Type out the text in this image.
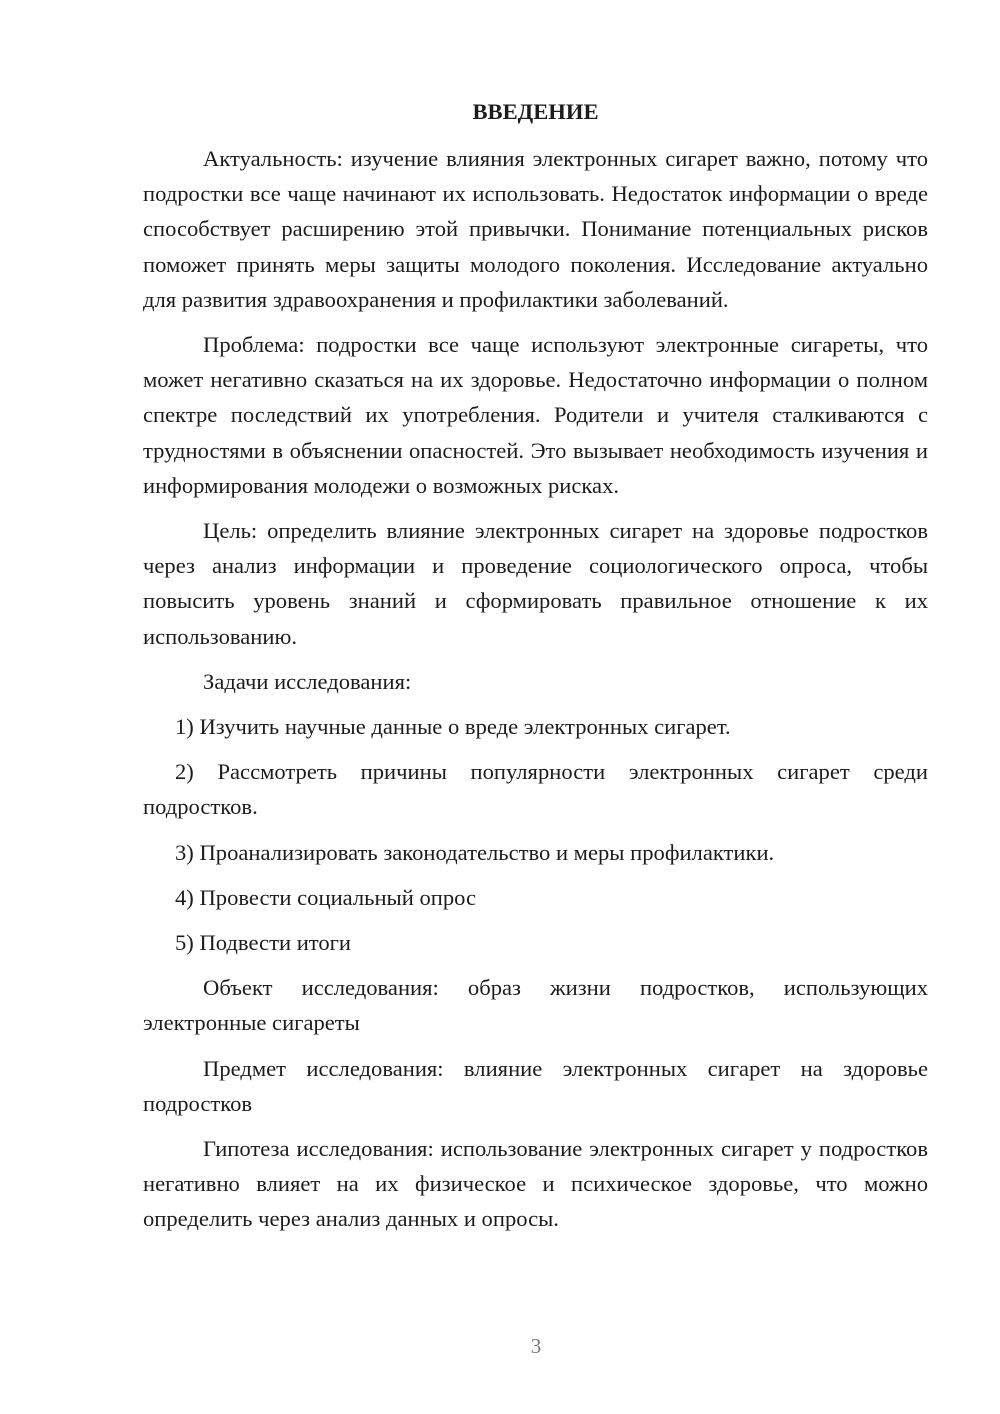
ВВЕДЕНИЕ

Актуальность: изучение влияния электронных сигарет важно, потому что подростки все чаще начинают их использовать. Недостаток информации о вреде способствует расширению этой привычки. Понимание потенциальных рисков поможет принять меры защиты молодого поколения. Исследование актуально для развития здравоохранения и профилактики заболеваний.

Проблема: подростки все чаще используют электронные сигареты, что может негативно сказаться на их здоровье. Недостаточно информации о полном спектре последствий их употребления. Родители и учителя сталкиваются с трудностями в объяснении опасностей. Это вызывает необходимость изучения и информирования молодежи о возможных рисках.

Цель: определить влияние электронных сигарет на здоровье подростков через анализ информации и проведение социологического опроса, чтобы повысить уровень знаний и сформировать правильное отношение к их использованию.

Задачи исследования:

1) Изучить научные данные о вреде электронных сигарет.

2) Рассмотреть причины популярности электронных сигарет среди подростков.

3) Проанализировать законодательство и меры профилактики.

4) Провести социальный опрос

5) Подвести итоги

Объект исследования: образ жизни подростков, использующих электронные сигареты

Предмет исследования: влияние электронных сигарет на здоровье подростков

Гипотеза исследования: использование электронных сигарет у подростков негативно влияет на их физическое и психическое здоровье, что можно определить через анализ данных и опросы.

3
